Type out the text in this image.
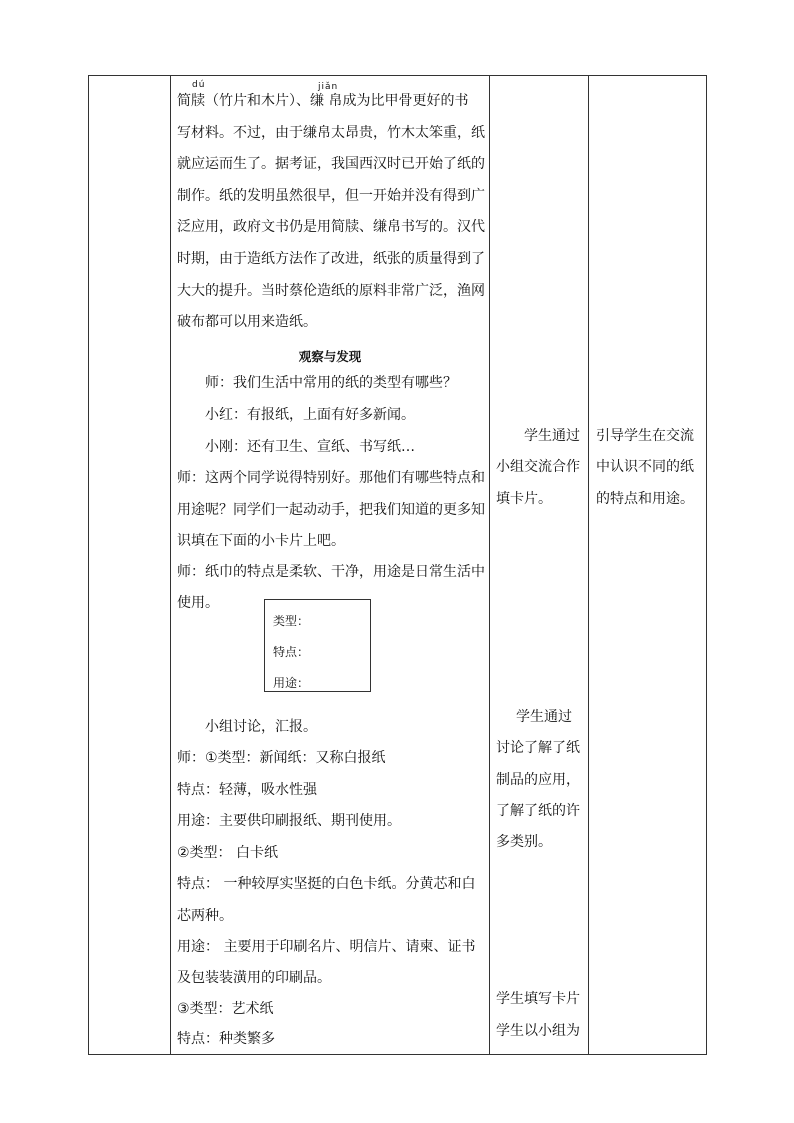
dú	jiǎn
简牍（竹片和木片）、缣 帛成为比甲骨更好的书
写材料。不过，由于缣帛太昂贵，竹木太笨重，纸
就应运而生了。据考证，我国西汉时已开始了纸的
制作。纸的发明虽然很早，但一开始并没有得到广
泛应用，政府文书仍是用简牍、缣帛书写的。汉代
时期，由于造纸方法作了改进，纸张的质量得到了
大大的提升。当时蔡伦造纸的原料非常广泛，渔网
破布都可以用来造纸。
观察与发现
师：我们生活中常用的纸的类型有哪些？
小红：有报纸，上面有好多新闻。
小刚：还有卫生、宣纸、书写纸…
师：这两个同学说得特别好。那他们有哪些特点和
用途呢？同学们一起动动手，把我们知道的更多知
识填在下面的小卡片上吧。
师：纸巾的特点是柔软、干净，用途是日常生活中
使用。
类型：
特点：
用途：
小组讨论，汇报。
师：①类型：新闻纸：又称白报纸
特点：轻薄，吸水性强
用途：主要供印刷报纸、期刊使用。
②类型： 白卡纸
特点： 一种较厚实坚挺的白色卡纸。分黄芯和白
芯两种。
用途： 主要用于印刷名片、明信片、请柬、证书
及包装装潢用的印刷品。
③类型：艺术纸
特点：种类繁多
学生通过
小组交流合作
填卡片。
学生通过
讨论了解了纸
制品的应用，
了解了纸的许
多类别。
学生填写卡片
学生以小组为
引导学生在交流
中认识不同的纸
的特点和用途。
